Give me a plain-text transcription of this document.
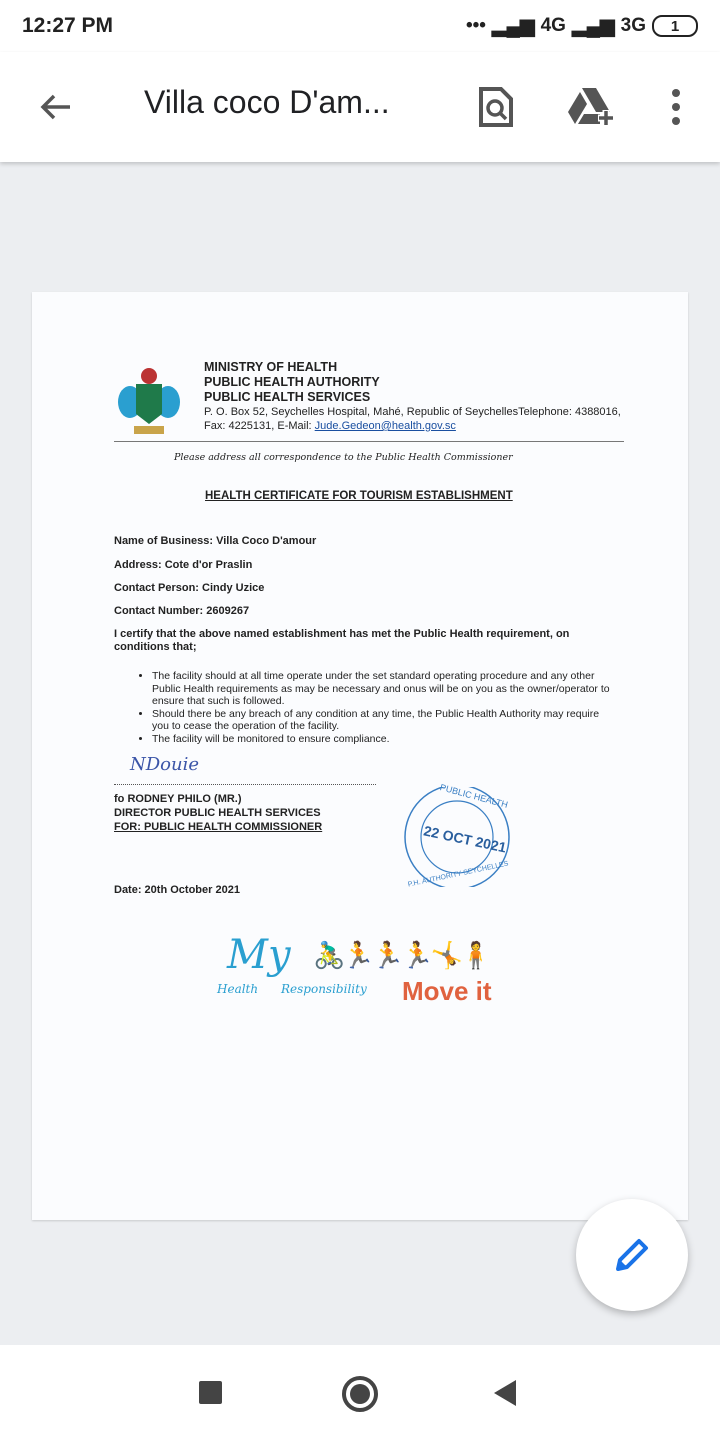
12:27 PM	••• ▂▄▆ 4G ▂▄▆ 3G	1
Villa coco D'am...
MINISTRY OF HEALTH
PUBLIC HEALTH AUTHORITY
PUBLIC HEALTH SERVICES
P. O. Box 52, Seychelles Hospital, Mahé, Republic of SeychellesTelephone: 4388016, Fax: 4225131, E-Mail: Jude.Gedeon@health.gov.sc
Please address all correspondence to the Public Health Commissioner
HEALTH CERTIFICATE FOR TOURISM ESTABLISHMENT
Name of Business: Villa Coco D'amour
Address: Cote d'or Praslin
Contact Person: Cindy Uzice
Contact Number: 2609267
I certify that the above named establishment has met the Public Health requirement, on conditions that;
• The facility should at all time operate under the set standard operating procedure and any other Public Health requirements as may be necessary and onus will be on you as the owner/operator to ensure that such is followed.
• Should there be any breach of any condition at any time, the Public Health Authority may require you to cease the operation of the facility.
• The facility will be monitored to ensure compliance.
NDouie
fo RODNEY PHILO (MR.)
DIRECTOR PUBLIC HEALTH SERVICES
FOR: PUBLIC HEALTH COMMISSIONER
Date: 20th October 2021
PUBLIC HEALTH
22 OCT 2021
P.H. AUTHORITY SEYCHELLES
My
Health Responsibility
🚴‍♂️🏃🏃🏃🤸🧍
Move it
